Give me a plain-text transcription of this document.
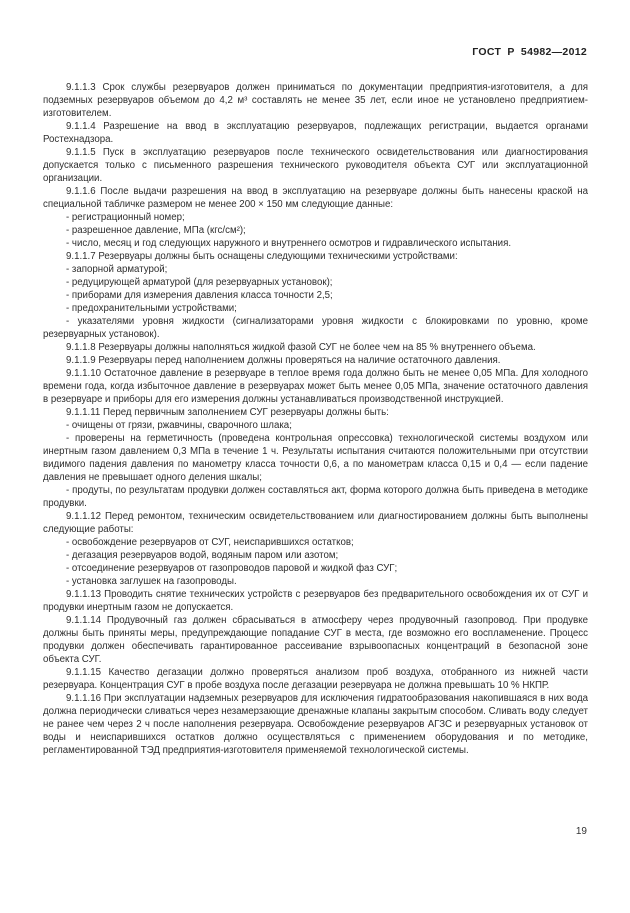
ГОСТ Р 54982—2012

9.1.1.3 Срок службы резервуаров должен приниматься по документации предприятия-изготовителя, а для подземных резервуаров объемом до 4,2 м³ составлять не менее 35 лет, если иное не установлено предприятием-изготовителем.

9.1.1.4 Разрешение на ввод в эксплуатацию резервуаров, подлежащих регистрации, выдается органами Ростехнадзора.

9.1.1.5 Пуск в эксплуатацию резервуаров после технического освидетельствования или диагностирования допускается только с письменного разрешения технического руководителя объекта СУГ или эксплуатационной организации.

9.1.1.6 После выдачи разрешения на ввод в эксплуатацию на резервуаре должны быть нанесены краской на специальной табличке размером не менее 200 × 150 мм следующие данные:

- регистрационный номер;

- разрешенное давление, МПа (кгс/см²);

- число, месяц и год следующих наружного и внутреннего осмотров и гидравлического испытания.

9.1.1.7 Резервуары должны быть оснащены следующими техническими устройствами:

- запорной арматурой;

- редуцирующей арматурой (для резервуарных установок);

- приборами для измерения давления класса точности 2,5;

- предохранительными устройствами;

- указателями уровня жидкости (сигнализаторами уровня жидкости с блокировками по уровню, кроме резервуарных установок).

9.1.1.8 Резервуары должны наполняться жидкой фазой СУГ не более чем на 85 % внутреннего объема.

9.1.1.9 Резервуары перед наполнением должны проверяться на наличие остаточного давления.

9.1.1.10 Остаточное давление в резервуаре в теплое время года должно быть не менее 0,05 МПа. Для холодного времени года, когда избыточное давление в резервуарах может быть менее 0,05 МПа, значение остаточного давления в резервуаре и приборы для его измерения должны устанавливаться производственной инструкцией.

9.1.1.11 Перед первичным заполнением СУГ резервуары должны быть:

- очищены от грязи, ржавчины, сварочного шлака;

- проверены на герметичность (проведена контрольная опрессовка) технологической системы воздухом или инертным газом давлением 0,3 МПа в течение 1 ч. Результаты испытания считаются положительными при отсутствии видимого падения давления по манометру класса точности 0,6, а по манометрам класса 0,15 и 0,4 — если падение давления не превышает одного деления шкалы;

- продуты, по результатам продувки должен составляться акт, форма которого должна быть приведена в методике продувки.

9.1.1.12 Перед ремонтом, техническим освидетельствованием или диагностированием должны быть выполнены следующие работы:

- освобождение резервуаров от СУГ, неиспарившихся остатков;

- дегазация резервуаров водой, водяным паром или азотом;

- отсоединение резервуаров от газопроводов паровой и жидкой фаз СУГ;

- установка заглушек на газопроводы.

9.1.1.13 Проводить снятие технических устройств с резервуаров без предварительного освобождения их от СУГ и продувки инертным газом не допускается.

9.1.1.14 Продувочный газ должен сбрасываться в атмосферу через продувочный газопровод. При продувке должны быть приняты меры, предупреждающие попадание СУГ в места, где возможно его воспламенение. Процесс продувки должен обеспечивать гарантированное рассеивание взрывоопасных концентраций в безопасной зоне объекта СУГ.

9.1.1.15 Качество дегазации должно проверяться анализом проб воздуха, отобранного из нижней части резервуара. Концентрация СУГ в пробе воздуха после дегазации резервуара не должна превышать 10 % НКПР.

9.1.1.16 При эксплуатации надземных резервуаров для исключения гидратообразования накопившаяся в них вода должна периодически сливаться через незамерзающие дренажные клапаны закрытым способом. Сливать воду следует не ранее чем через 2 ч после наполнения резервуара. Освобождение резервуаров АГЗС и резервуарных установок от воды и неиспарившихся остатков должно осуществляться с применением оборудования и по методике, регламентированной ТЭД предприятия-изготовителя применяемой технологической системы.

19
